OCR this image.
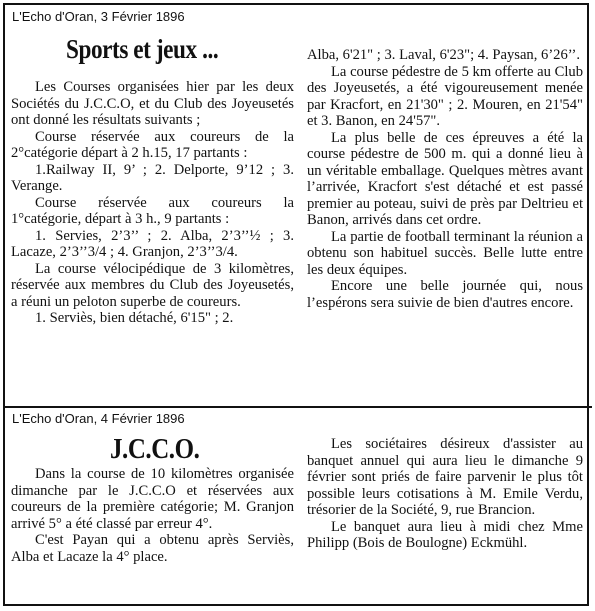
L'Echo d'Oran, 3 Février 1896
Sports et jeux ...

Les Courses organisées hier par les deux Sociétés du J.C.C.O, et du Club des Joyeusetés ont donné les résultats suivants ;

Course réservée aux coureurs de la 2°catégorie départ à 2 h.15, 17 partants :

1.Railway II, 9’ ; 2. Delporte, 9’12 ; 3. Verange.

Course réservée aux coureurs la 1°catégorie, départ à 3 h., 9 partants :

1. Servies, 2’3’’ ; 2. Alba, 2’3’’½ ; 3. Lacaze, 2’3’’3/4 ; 4. Granjon, 2’3’’3/4.

La course vélocipédique de 3 kilomètres, réservée aux membres du Club des Joyeusetés, a réuni un peloton superbe de coureurs.

1. Serviès, bien détaché, 6'15" ; 2.

Alba, 6'21" ; 3. Laval, 6'23"; 4. Paysan, 6’26’’.

La course pédestre de 5 km offerte au Club des Joyeusetés, a été vigoureusement menée par Kracfort, en 21'30" ; 2. Mouren, en 21'54" et 3. Banon, en 24'57".

La plus belle de ces épreuves a été la course pédestre de 500 m. qui a donné lieu à un véritable emballage. Quelques mètres avant l’arrivée, Kracfort s'est détaché et est passé premier au poteau, suivi de près par Deltrieu et Banon, arrivés dans cet ordre.

La partie de football terminant la réunion a obtenu son habituel succès. Belle lutte entre les deux équipes.

Encore une belle journée qui, nous l’espérons sera suivie de bien d'autres encore.

L'Echo d'Oran, 4 Février 1896
J.C.C.O.

Dans la course de 10 kilomètres organisée dimanche par le J.C.C.O et réservées aux coureurs de la première catégorie; M. Granjon arrivé 5° a été classé par erreur 4°.

C'est Payan qui a obtenu après Serviès, Alba et Lacaze la 4° place.

Les sociétaires désireux d'assister au banquet annuel qui aura lieu le dimanche 9 février sont priés de faire parvenir le plus tôt possible leurs cotisations à M. Emile Verdu, trésorier de la Société, 9, rue Brancion.

Le banquet aura lieu à midi chez Mme Philipp (Bois de Boulogne) Eckmühl.
